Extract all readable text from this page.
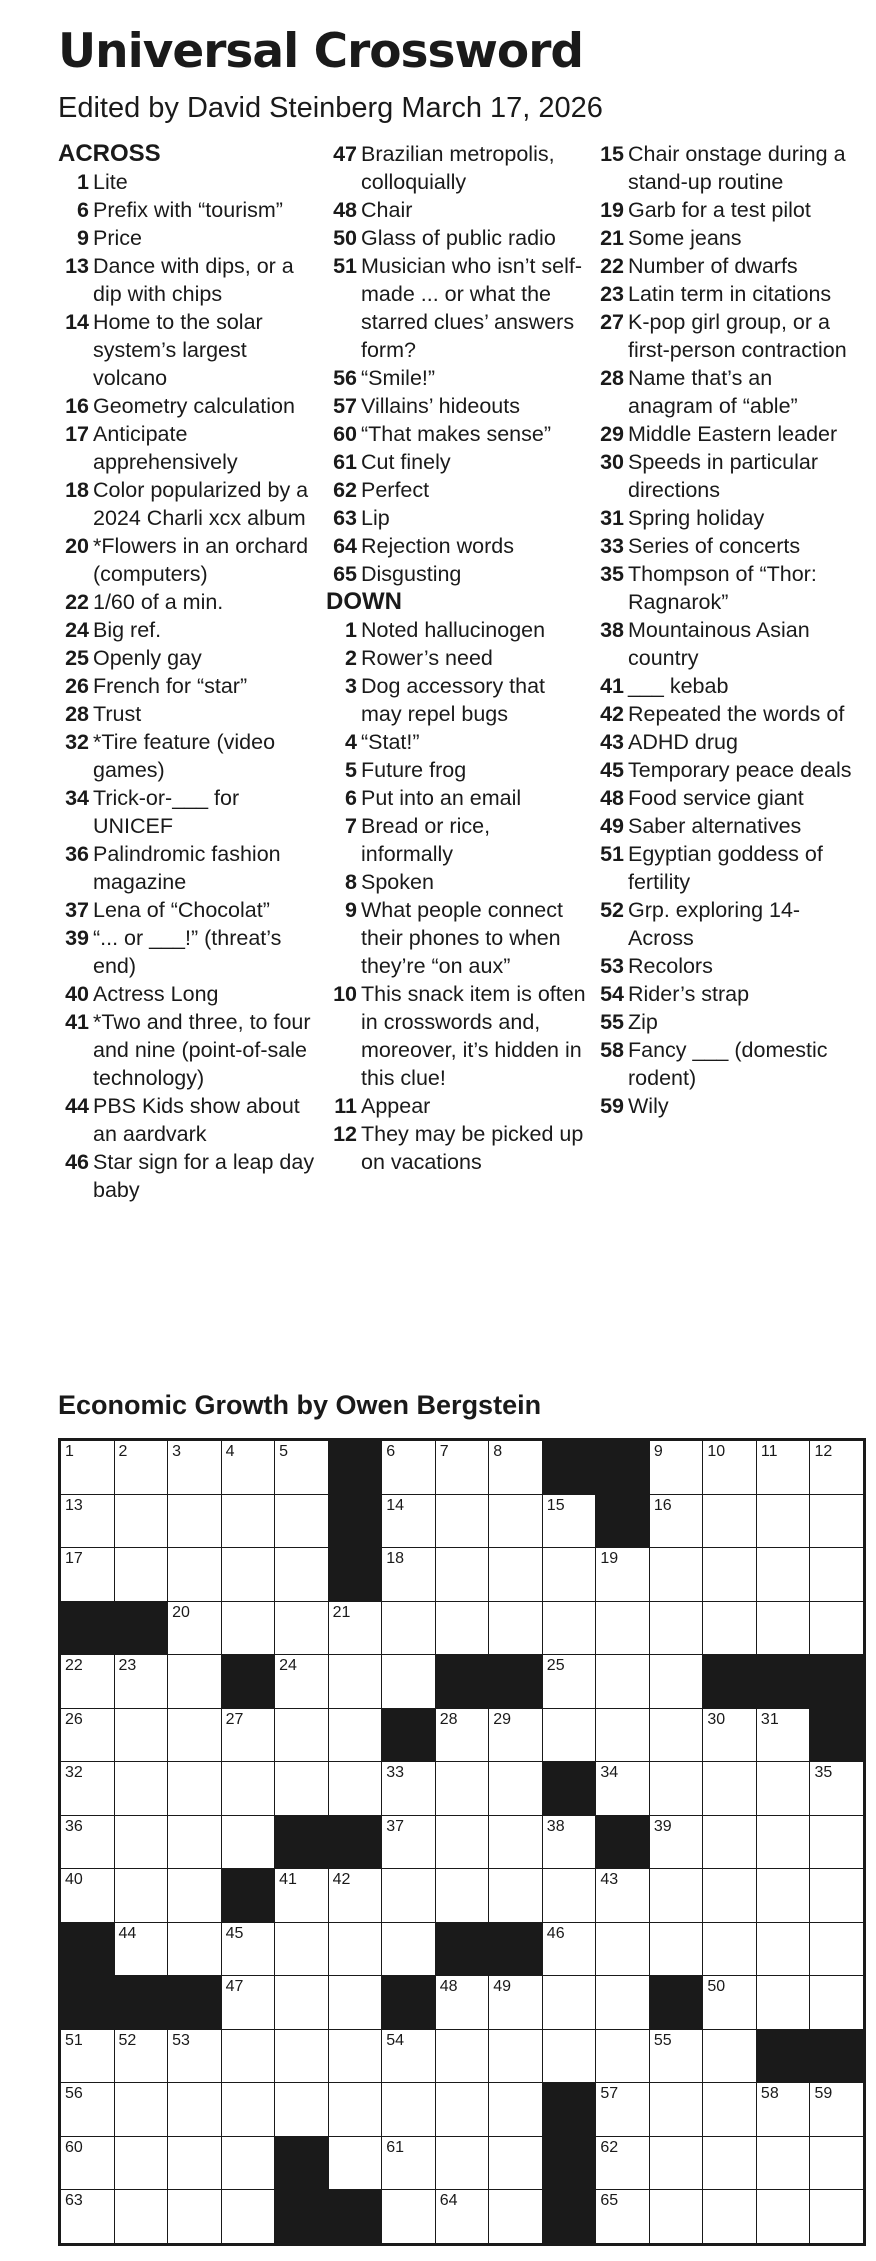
Universal Crossword
Edited by David Steinberg March 17, 2026
ACROSS
1 Lite
6 Prefix with “tourism”
9 Price
13 Dance with dips, or a dip with chips
14 Home to the solar system’s largest volcano
16 Geometry calculation
17 Anticipate apprehensively
18 Color popularized by a 2024 Charli xcx album
20 *Flowers in an orchard (computers)
22 1/60 of a min.
24 Big ref.
25 Openly gay
26 French for “star”
28 Trust
32 *Tire feature (video games)
34 Trick-or-___ for UNICEF
36 Palindromic fashion magazine
37 Lena of “Chocolat”
39 “... or ___!” (threat’s end)
40 Actress Long
41 *Two and three, to four and nine (point-of-sale technology)
44 PBS Kids show about an aardvark
46 Star sign for a leap day baby
47 Brazilian metropolis, colloquially
48 Chair
50 Glass of public radio
51 Musician who isn’t self-made ... or what the starred clues’ answers form?
56 “Smile!”
57 Villains’ hideouts
60 “That makes sense”
61 Cut finely
62 Perfect
63 Lip
64 Rejection words
65 Disgusting
DOWN
1 Noted hallucinogen
2 Rower’s need
3 Dog accessory that may repel bugs
4 “Stat!”
5 Future frog
6 Put into an email
7 Bread or rice, informally
8 Spoken
9 What people connect their phones to when they’re “on aux”
10 This snack item is often in crosswords and, moreover, it’s hidden in this clue!
11 Appear
12 They may be picked up on vacations
15 Chair onstage during a stand-up routine
19 Garb for a test pilot
21 Some jeans
22 Number of dwarfs
23 Latin term in citations
27 K-pop girl group, or a first-person contraction
28 Name that’s an anagram of “able”
29 Middle Eastern leader
30 Speeds in particular directions
31 Spring holiday
33 Series of concerts
35 Thompson of “Thor: Ragnarok”
38 Mountainous Asian country
41 ___ kebab
42 Repeated the words of
43 ADHD drug
45 Temporary peace deals
48 Food service giant
49 Saber alternatives
51 Egyptian goddess of fertility
52 Grp. exploring 14-Across
53 Recolors
54 Rider’s strap
55 Zip
58 Fancy ___ (domestic rodent)
59 Wily
Economic Growth by Owen Bergstein
1	2	3	4	5	6	7	8	9	10 11 12
13	14	15	16
17	18	19
20	21
22 23	24	25
26	27	28 29	30 31
32	33	34	35
36	37	38	39
40	41 42	43
44	45	46
47	48 49	50
51 52 53	54	55
56	57	58 59
60	61	62
63	64	65
